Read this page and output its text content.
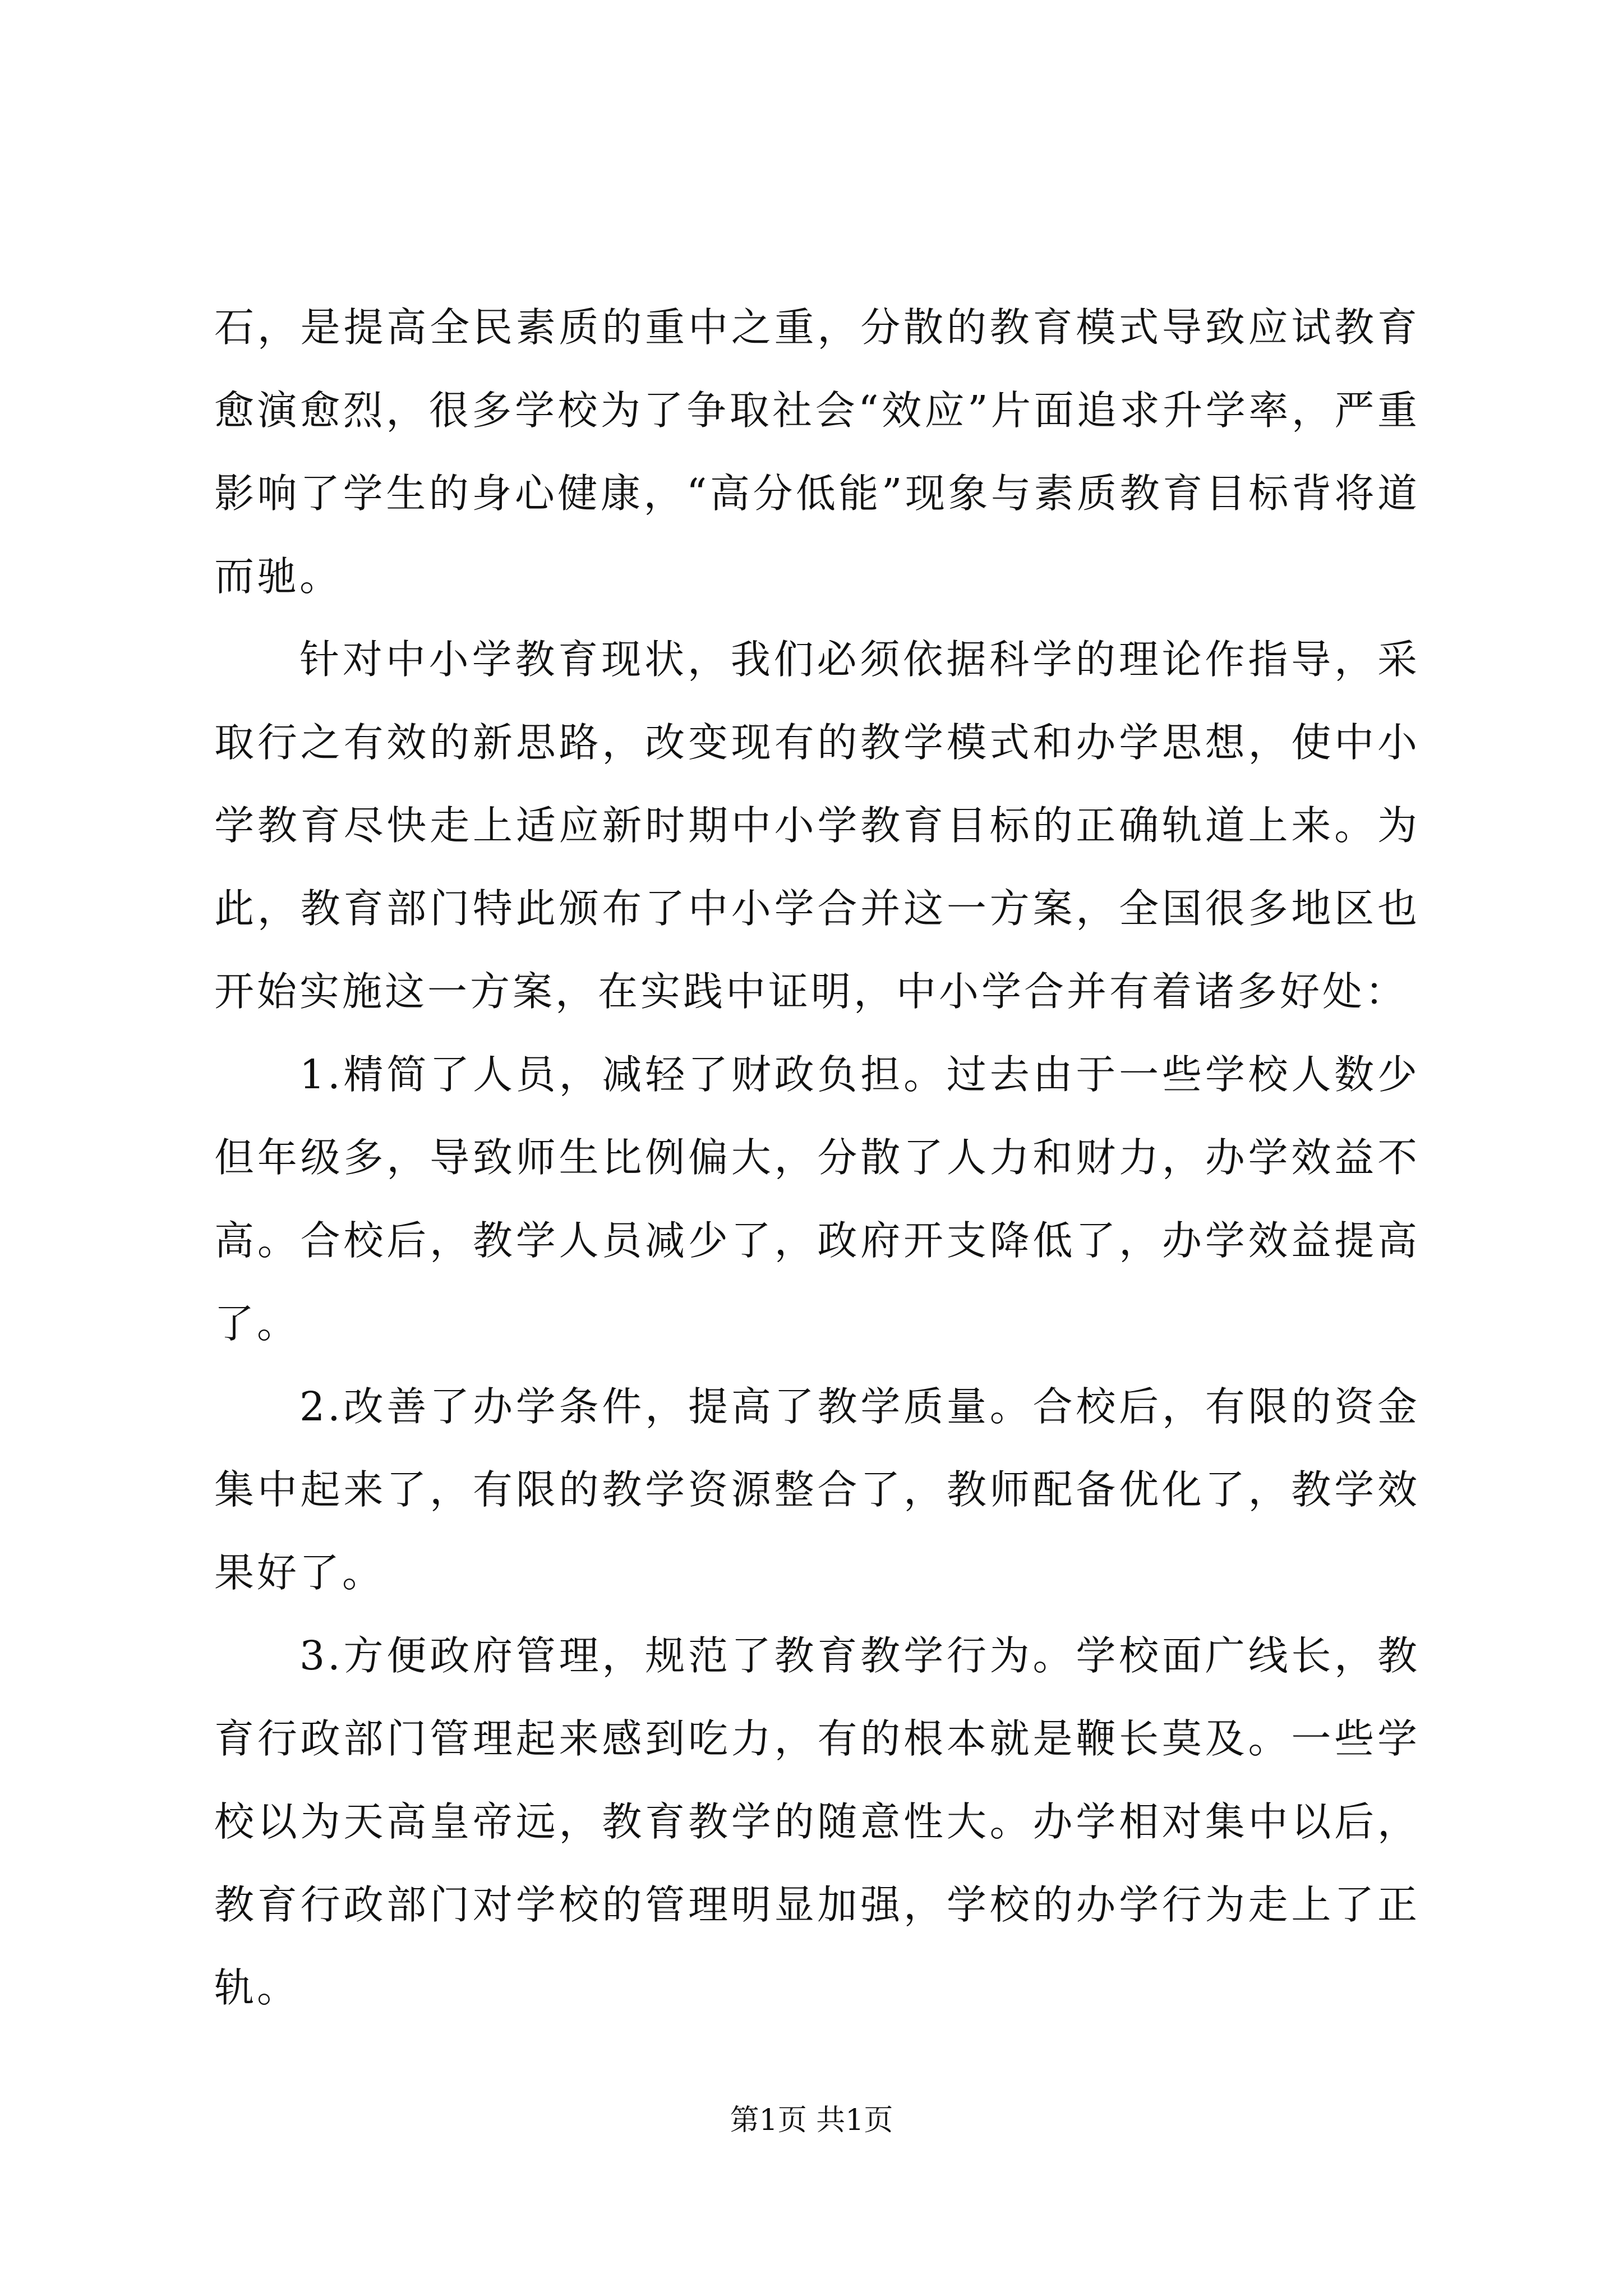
石，是提高全民素质的重中之重，分散的教育模式导致应试教育愈演愈烈，很多学校为了争取社会“效应”片面追求升学率，严重影响了学生的身心健康，“高分低能”现象与素质教育目标背将道而驰。

针对中小学教育现状，我们必须依据科学的理论作指导，采取行之有效的新思路，改变现有的教学模式和办学思想，使中小学教育尽快走上适应新时期中小学教育目标的正确轨道上来。为此，教育部门特此颁布了中小学合并这一方案，全国很多地区也开始实施这一方案，在实践中证明，中小学合并有着诸多好处：

1.精简了人员，减轻了财政负担。过去由于一些学校人数少但年级多，导致师生比例偏大，分散了人力和财力，办学效益不高。合校后，教学人员减少了，政府开支降低了，办学效益提高了。

2.改善了办学条件，提高了教学质量。合校后，有限的资金集中起来了，有限的教学资源整合了，教师配备优化了，教学效果好了。

3.方便政府管理，规范了教育教学行为。学校面广线长，教育行政部门管理起来感到吃力，有的根本就是鞭长莫及。一些学校以为天高皇帝远，教育教学的随意性大。办学相对集中以后，教育行政部门对学校的管理明显加强，学校的办学行为走上了正轨。

第1页 共1页
